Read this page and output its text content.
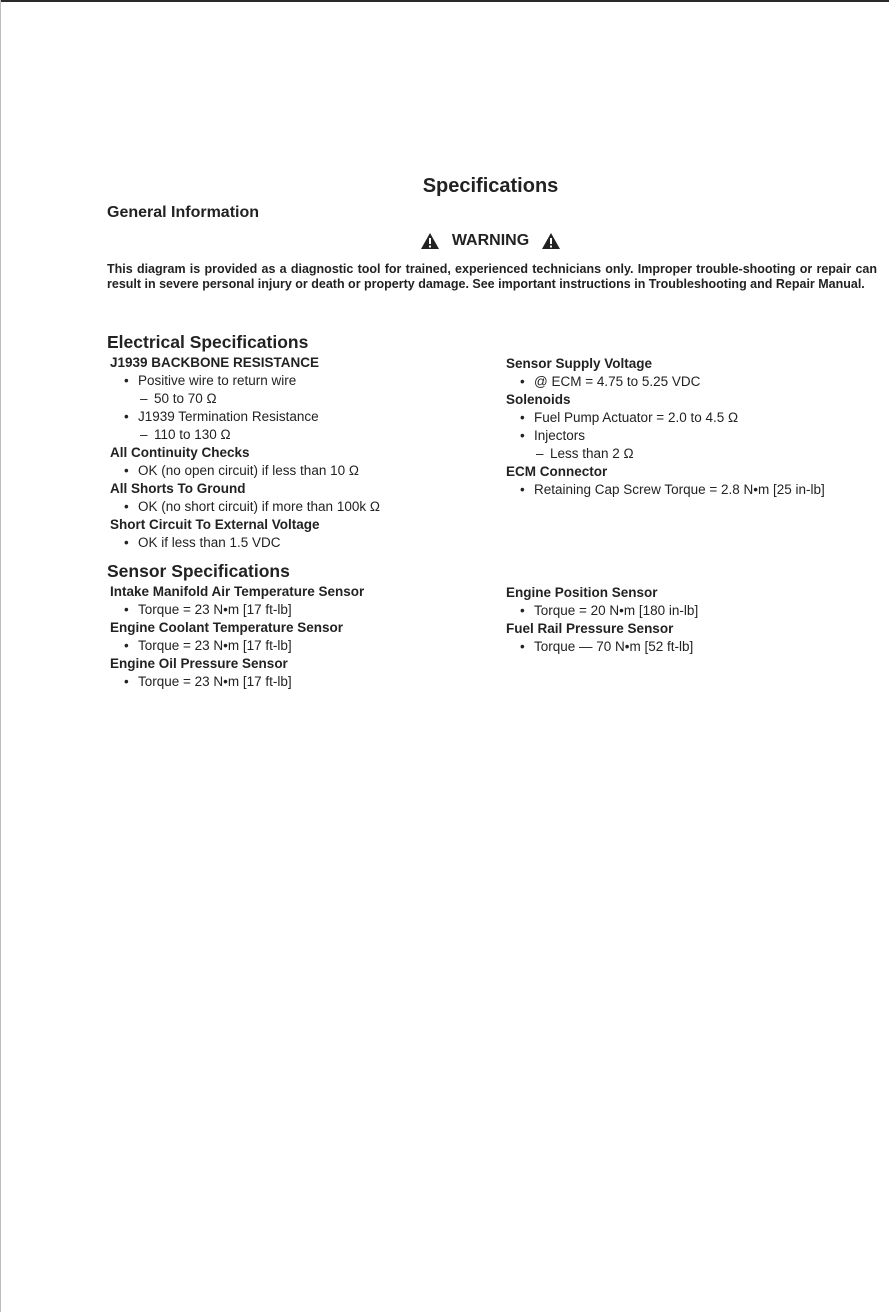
Specifications
General Information
WARNING
This diagram is provided as a diagnostic tool for trained, experienced technicians only. Improper trouble-shooting or repair can result in severe personal injury or death or property damage. See important instructions in Troubleshooting and Repair Manual.
Electrical Specifications
J1939 BACKBONE RESISTANCE
• Positive wire to return wire
– 50 to 70 Ω
• J1939 Termination Resistance
– 110 to 130 Ω
All Continuity Checks
• OK (no open circuit) if less than 10 Ω
All Shorts To Ground
• OK (no short circuit) if more than 100k Ω
Short Circuit To External Voltage
• OK if less than 1.5 VDC
Sensor Supply Voltage
• @ ECM = 4.75 to 5.25 VDC
Solenoids
• Fuel Pump Actuator = 2.0 to 4.5 Ω
• Injectors
– Less than 2 Ω
ECM Connector
• Retaining Cap Screw Torque = 2.8 N•m [25 in-lb]
Sensor Specifications
Intake Manifold Air Temperature Sensor
• Torque = 23 N•m [17 ft-lb]
Engine Coolant Temperature Sensor
• Torque = 23 N•m [17 ft-lb]
Engine Oil Pressure Sensor
• Torque = 23 N•m [17 ft-lb]
Engine Position Sensor
• Torque = 20 N•m [180 in-lb]
Fuel Rail Pressure Sensor
• Torque — 70 N•m [52 ft-lb]
